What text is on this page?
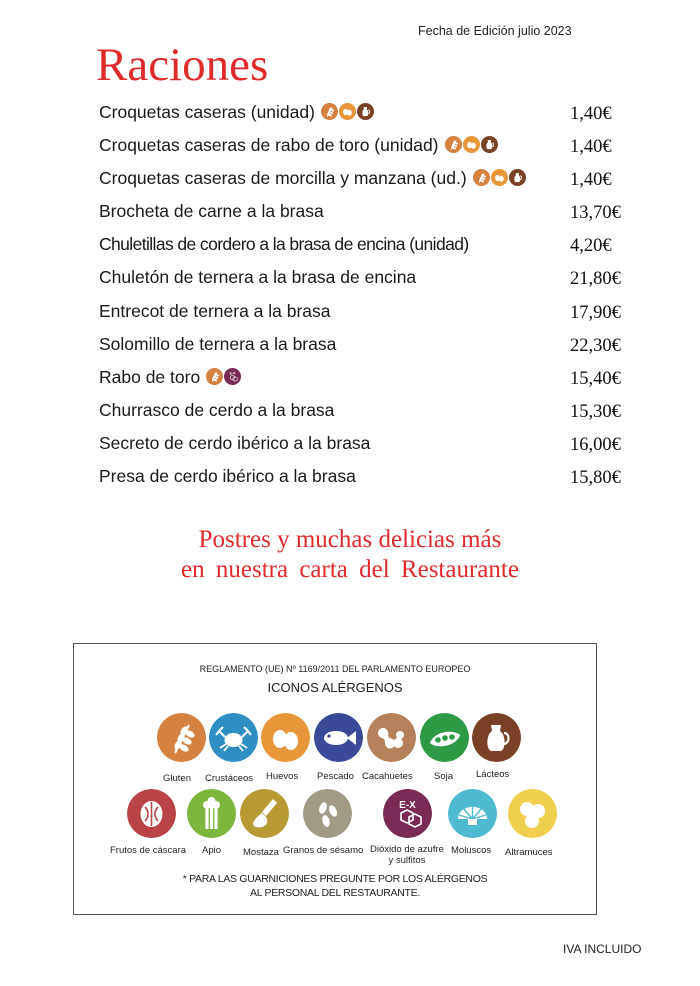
Fecha de Edición julio 2023
Raciones
Croquetas caseras (unidad)	1,40€
Croquetas caseras de rabo de toro (unidad)	1,40€
Croquetas caseras de morcilla y manzana (ud.)	1,40€
Brocheta de carne a la brasa	13,70€
Chuletillas de cordero a la brasa de encina (unidad)	4,20€
Chuletón de ternera a la brasa de encina	21,80€
Entrecot de ternera a la brasa	17,90€
Solomillo de ternera a la brasa	22,30€
Rabo de toro	E-X	15,40€
Churrasco de cerdo a la brasa	15,30€
Secreto de cerdo ibérico a la brasa	16,00€
Presa de cerdo ibérico a la brasa	15,80€
Postres y muchas delicias más
en nuestra carta del Restaurante
REGLAMENTO (UE) Nº 1169/2011 DEL PARLAMENTO EUROPEO
ICONOS ALÉRGENOS
* PARA LAS GUARNICIONES PREGUNTE POR LOS ALÉRGENOS
AL PERSONAL DEL RESTAURANTE.
Gluten Crustáceos Huevos Pescado Cacahuetes Soja Lácteos
Frutos de cáscara Apio Mostaza Granos de sésamo
E-X
Dióxido de azufre
y sulfitos
Moluscos Altramuces
IVA INCLUIDO
